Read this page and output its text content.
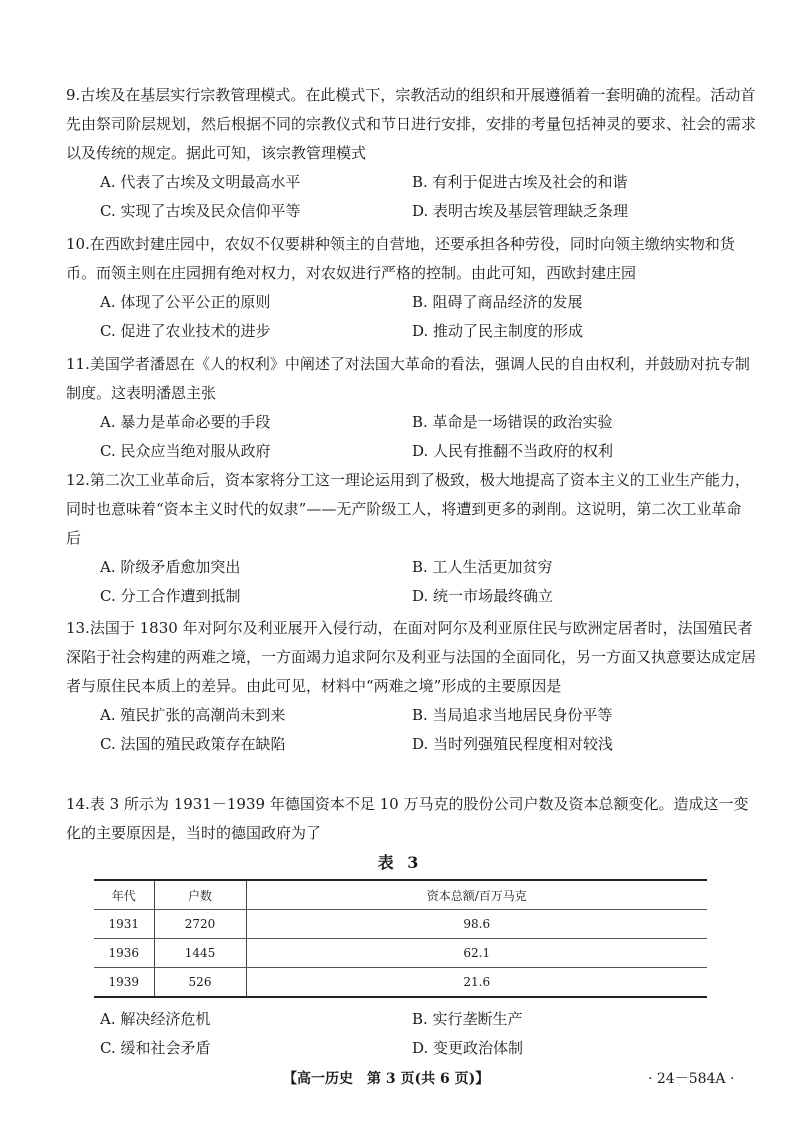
9.古埃及在基层实行宗教管理模式。在此模式下，宗教活动的组织和开展遵循着一套明确的流程。活动首先由祭司阶层规划，然后根据不同的宗教仪式和节日进行安排，安排的考量包括神灵的要求、社会的需求以及传统的规定。据此可知，该宗教管理模式

A. 代表了古埃及文明最高水平	B. 有利于促进古埃及社会的和谐
C. 实现了古埃及民众信仰平等	D. 表明古埃及基层管理缺乏条理

10.在西欧封建庄园中，农奴不仅要耕种领主的自营地，还要承担各种劳役，同时向领主缴纳实物和货币。而领主则在庄园拥有绝对权力，对农奴进行严格的控制。由此可知，西欧封建庄园

A. 体现了公平公正的原则	B. 阻碍了商品经济的发展
C. 促进了农业技术的进步	D. 推动了民主制度的形成

11.美国学者潘恩在《人的权利》中阐述了对法国大革命的看法，强调人民的自由权利，并鼓励对抗专制制度。这表明潘恩主张

A. 暴力是革命必要的手段	B. 革命是一场错误的政治实验
C. 民众应当绝对服从政府	D. 人民有推翻不当政府的权利

12.第二次工业革命后，资本家将分工这一理论运用到了极致，极大地提高了资本主义的工业生产能力，同时也意味着“资本主义时代的奴隶”——无产阶级工人，将遭到更多的剥削。这说明，第二次工业革命后

A. 阶级矛盾愈加突出	B. 工人生活更加贫穷
C. 分工合作遭到抵制	D. 统一市场最终确立

13.法国于 1830 年对阿尔及利亚展开入侵行动，在面对阿尔及利亚原住民与欧洲定居者时，法国殖民者深陷于社会构建的两难之境，一方面竭力追求阿尔及利亚与法国的全面同化，另一方面又执意要达成定居者与原住民本质上的差异。由此可见，材料中“两难之境”形成的主要原因是

A. 殖民扩张的高潮尚未到来	B. 当局追求当地居民身份平等
C. 法国的殖民政策存在缺陷	D. 当时列强殖民程度相对较浅

14.表 3 所示为 1931－1939 年德国资本不足 10 万马克的股份公司户数及资本总额变化。造成这一变化的主要原因是，当时的德国政府为了

表 3
年代	户数	资本总额/百万马克
1931	2720	98.6
1936	1445	62.1
1939	526	21.6
A. 解决经济危机	B. 实行垄断生产
C. 缓和社会矛盾	D. 变更政治体制
【高一历史　第 3 页(共 6 页)】	· 24－584A ·
